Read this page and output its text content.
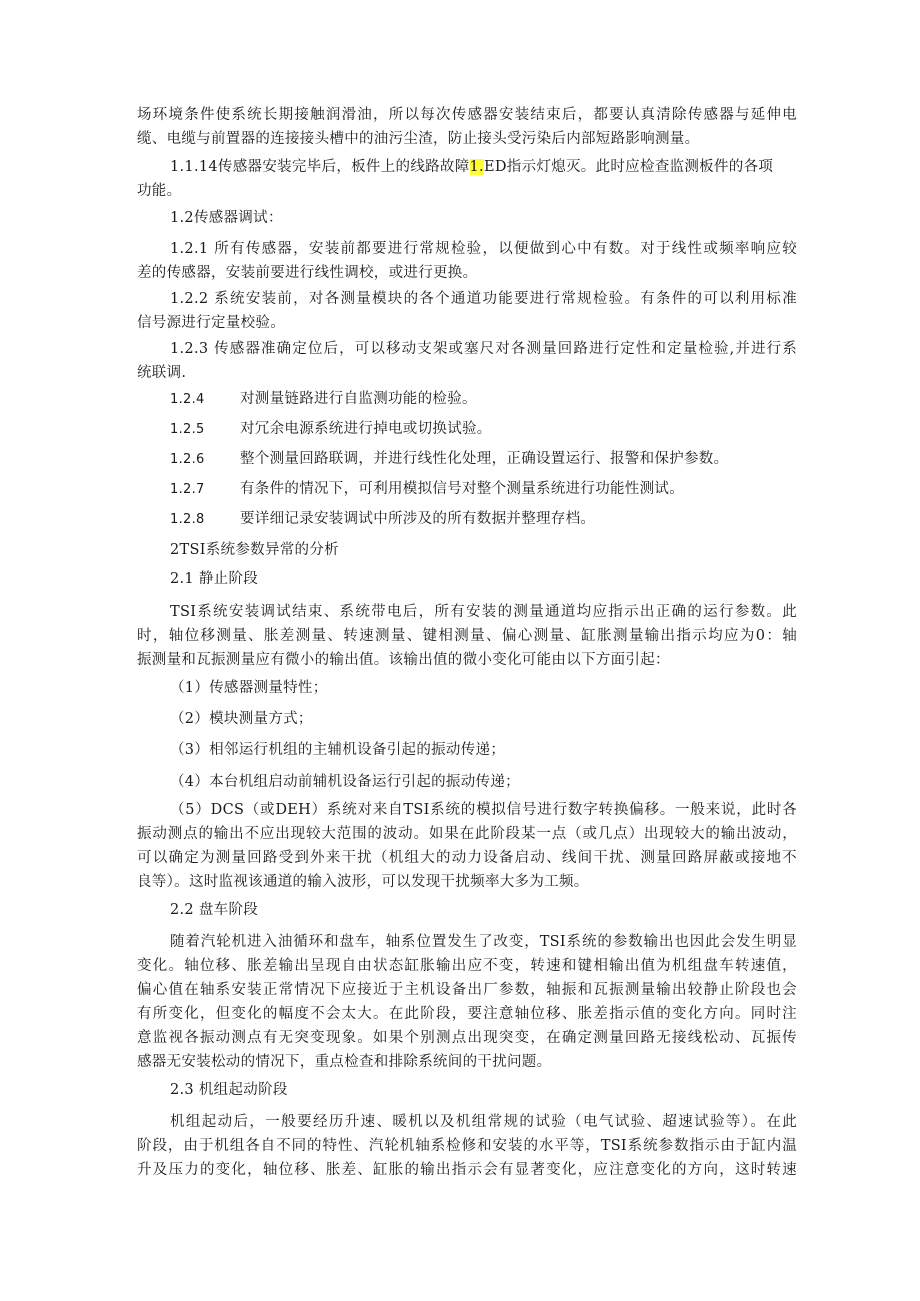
场环境条件使系统长期接触润滑油，所以每次传感器安装结束后，都要认真清除传感器与延伸电
缆、电缆与前置器的连接接头槽中的油污尘渣，防止接头受污染后内部短路影响测量。
1.1.14传感器安装完毕后，板件上的线路故障1.ED指示灯熄灭。此时应检查监测板件的各项
功能。
1.2传感器调试：
1.2.1 所有传感器，安装前都要进行常规检验，以便做到心中有数。对于线性或频率响应较
差的传感器，安装前要进行线性调校，或进行更换。
1.2.2 系统安装前，对各测量模块的各个通道功能要进行常规检验。有条件的可以利用标准
信号源进行定量校验。
1.2.3 传感器准确定位后，可以移动支架或塞尺对各测量回路进行定性和定量检验,并进行系
统联调.
1.2.4 对测量链路进行自监测功能的检验。
1.2.5 对冗余电源系统进行掉电或切换试验。
1.2.6 整个测量回路联调，并进行线性化处理，正确设置运行、报警和保护参数。
1.2.7 有条件的情况下，可利用模拟信号对整个测量系统进行功能性测试。
1.2.8 要详细记录安装调试中所涉及的所有数据并整理存档。
2TSI系统参数异常的分析
2.1 静止阶段
TSI系统安装调试结束、系统带电后，所有安装的测量通道均应指示出正确的运行参数。此
时，轴位移测量、胀差测量、转速测量、键相测量、偏心测量、缸胀测量输出指示均应为0：轴
振测量和瓦振测量应有微小的输出值。该输出值的微小变化可能由以下方面引起：
（1）传感器测量特性；
（2）模块测量方式；
（3）相邻运行机组的主辅机设备引起的振动传递；
（4）本台机组启动前辅机设备运行引起的振动传递；
（5）DCS（或DEH）系统对来自TSI系统的模拟信号进行数字转换偏移。一般来说，此时各
振动测点的输出不应出现较大范围的波动。如果在此阶段某一点（或几点）出现较大的输出波动，
可以确定为测量回路受到外来干扰（机组大的动力设备启动、线间干扰、测量回路屏蔽或接地不
良等）。这时监视该通道的输入波形，可以发现干扰频率大多为工频。
2.2 盘车阶段
随着汽轮机进入油循环和盘车，轴系位置发生了改变，TSI系统的参数输出也因此会发生明显
变化。轴位移、胀差输出呈现自由状态缸胀输出应不变，转速和键相输出值为机组盘车转速值，
偏心值在轴系安装正常情况下应接近于主机设备出厂参数，轴振和瓦振测量输出较静止阶段也会
有所变化，但变化的幅度不会太大。在此阶段，要注意轴位移、胀差指示值的变化方向。同时注
意监视各振动测点有无突变现象。如果个别测点出现突变，在确定测量回路无接线松动、瓦振传
感器无安装松动的情况下，重点检查和排除系统间的干扰问题。
2.3 机组起动阶段
机组起动后，一般要经历升速、暖机以及机组常规的试验（电气试验、超速试验等）。在此
阶段，由于机组各自不同的特性、汽轮机轴系检修和安装的水平等，TSI系统参数指示由于缸内温
升及压力的变化，轴位移、胀差、缸胀的输出指示会有显著变化，应注意变化的方向，这时转速
